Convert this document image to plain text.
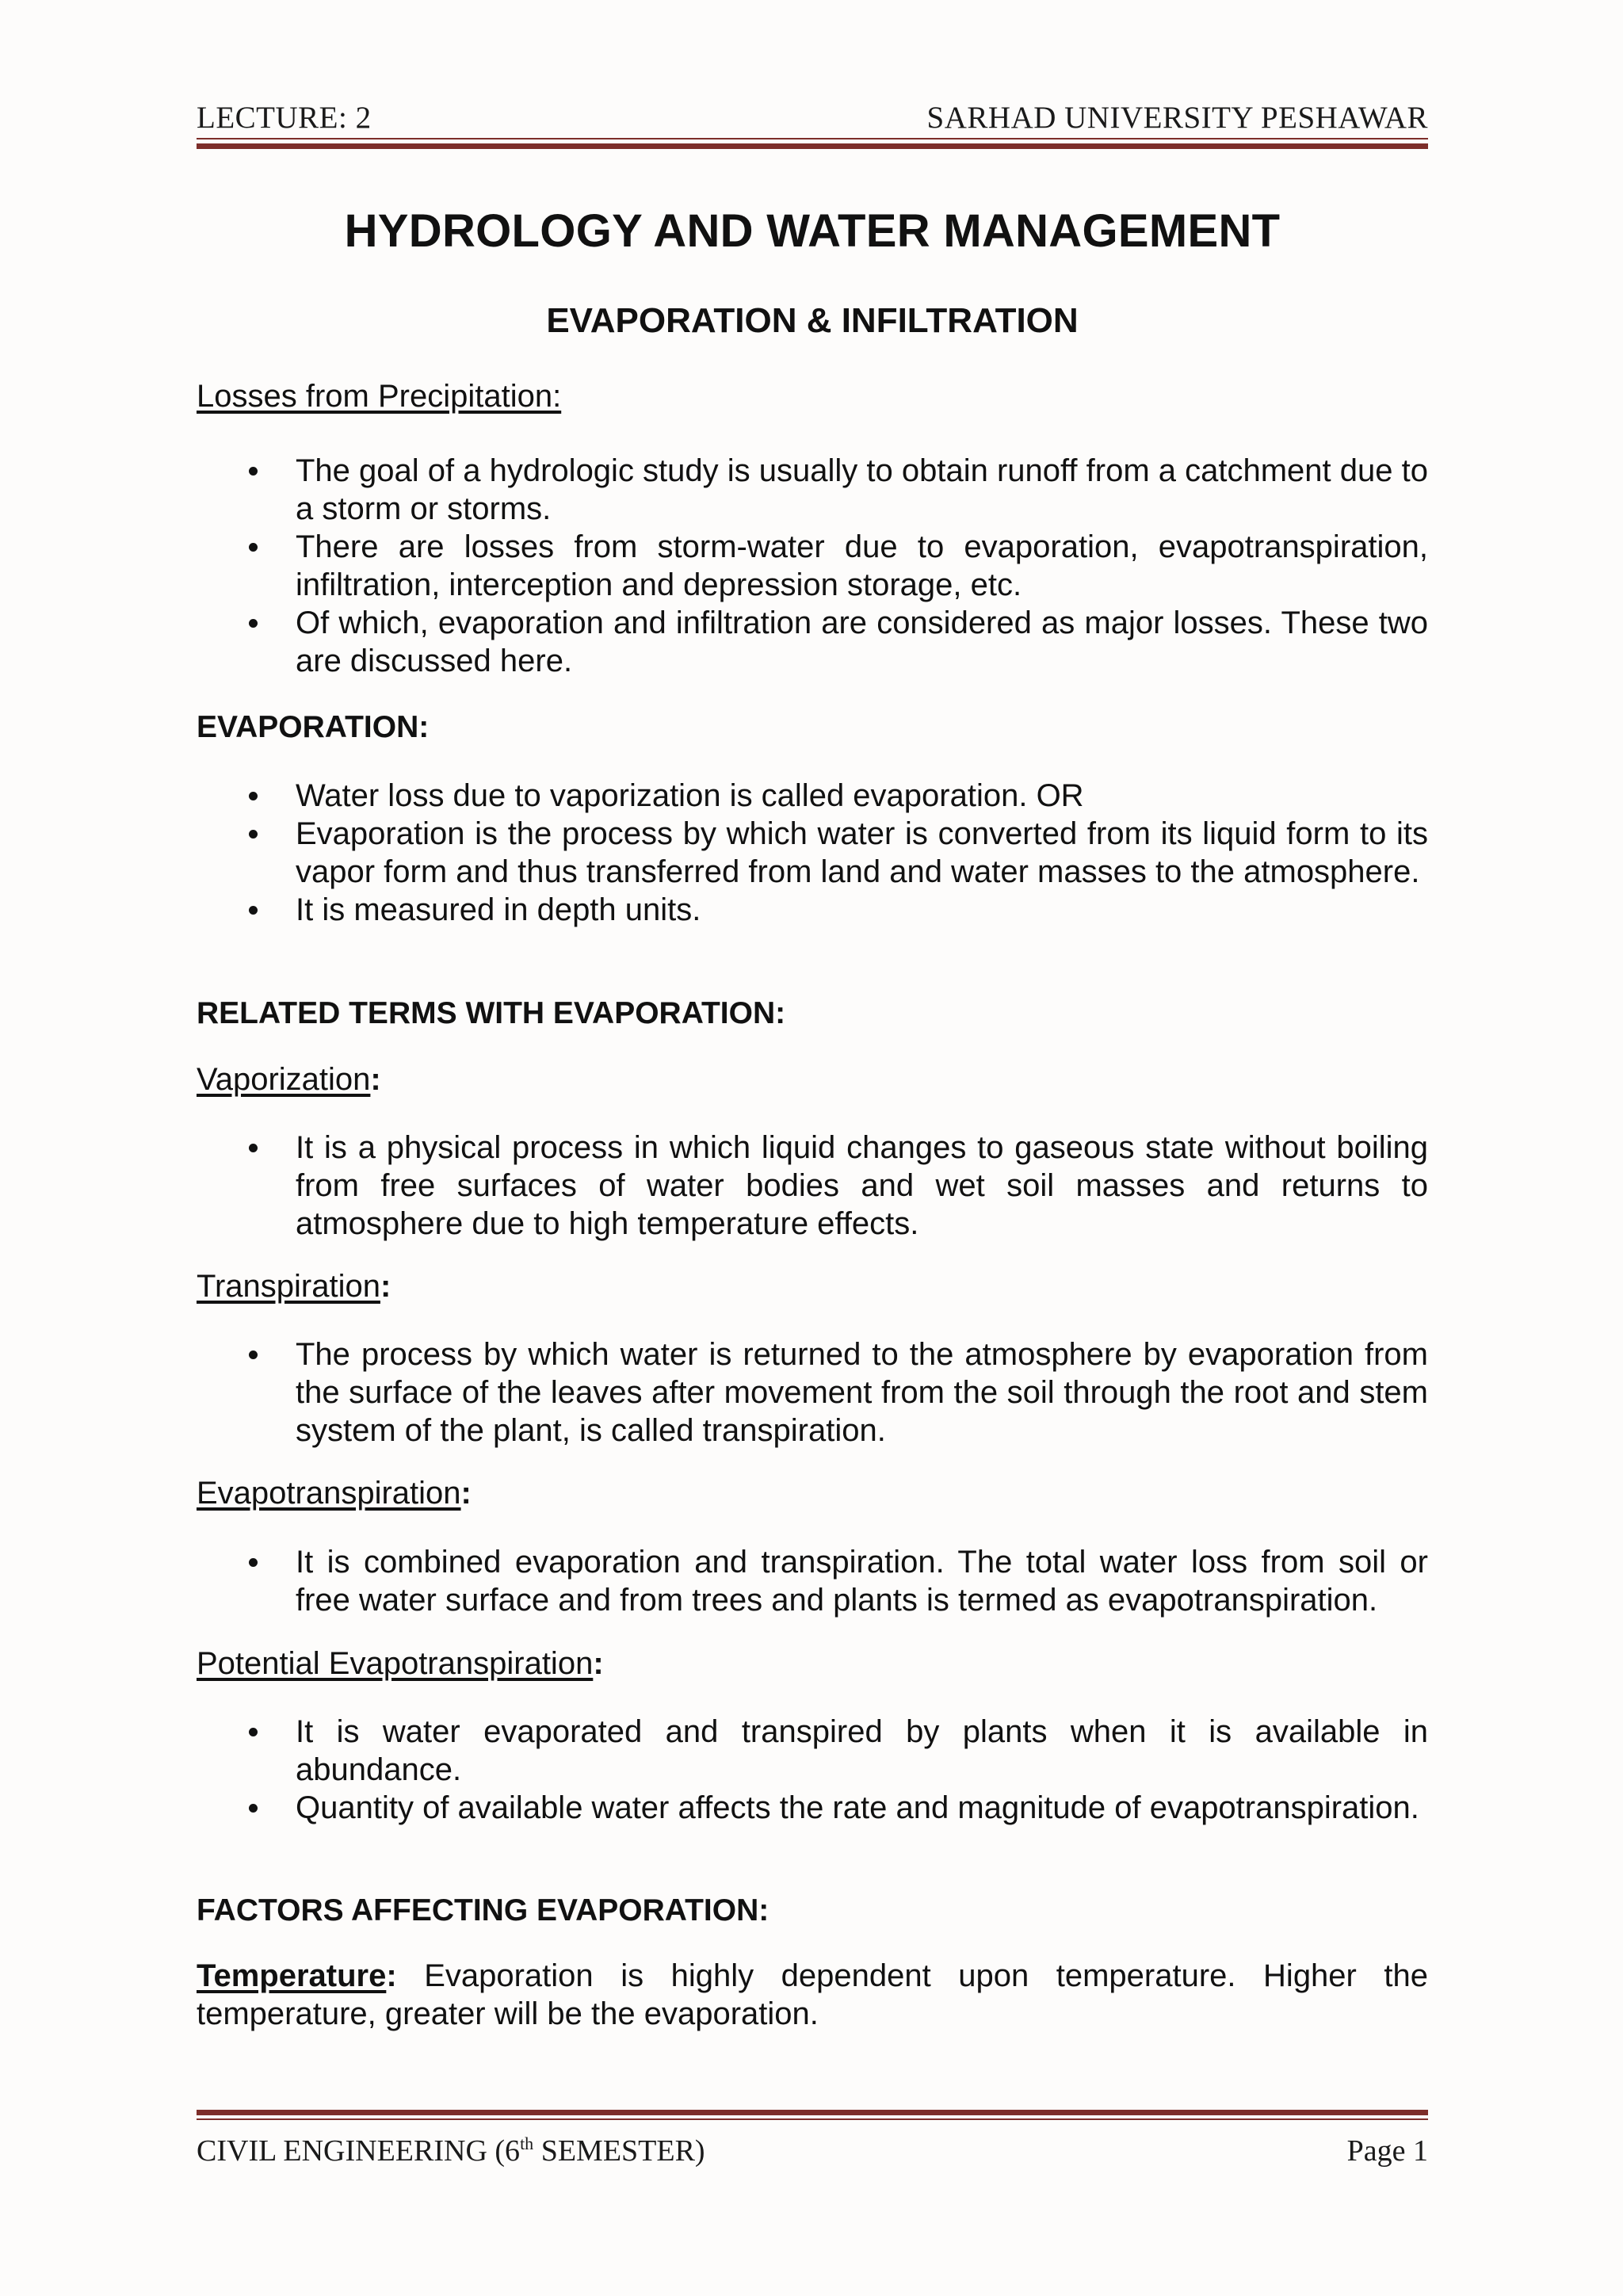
LECTURE: 2	SARHAD UNIVERSITY PESHAWAR
HYDROLOGY AND WATER MANAGEMENT
EVAPORATION & INFILTRATION
Losses from Precipitation:
The goal of a hydrologic study is usually to obtain runoff from a catchment due to a storm or storms.
There are losses from storm-water due to evaporation, evapotranspiration, infiltration, interception and depression storage, etc.
Of which, evaporation and infiltration are considered as major losses. These two are discussed here.
EVAPORATION:
Water loss due to vaporization is called evaporation. OR
Evaporation is the process by which water is converted from its liquid form to its vapor form and thus transferred from land and water masses to the atmosphere.
It is measured in depth units.
RELATED TERMS WITH EVAPORATION:
Vaporization:
It is a physical process in which liquid changes to gaseous state without boiling from free surfaces of water bodies and wet soil masses and returns to atmosphere due to high temperature effects.
Transpiration:
The process by which water is returned to the atmosphere by evaporation from the surface of the leaves after movement from the soil through the root and stem system of the plant, is called transpiration.
Evapotranspiration:
It is combined evaporation and transpiration. The total water loss from soil or free water surface and from trees and plants is termed as evapotranspiration.
Potential Evapotranspiration:
It is water evaporated and transpired by plants when it is available in abundance.
Quantity of available water affects the rate and magnitude of evapotranspiration.
FACTORS AFFECTING EVAPORATION:
Temperature: Evaporation is highly dependent upon temperature. Higher the temperature, greater will be the evaporation.
CIVIL ENGINEERING (6th SEMESTER)	Page 1
